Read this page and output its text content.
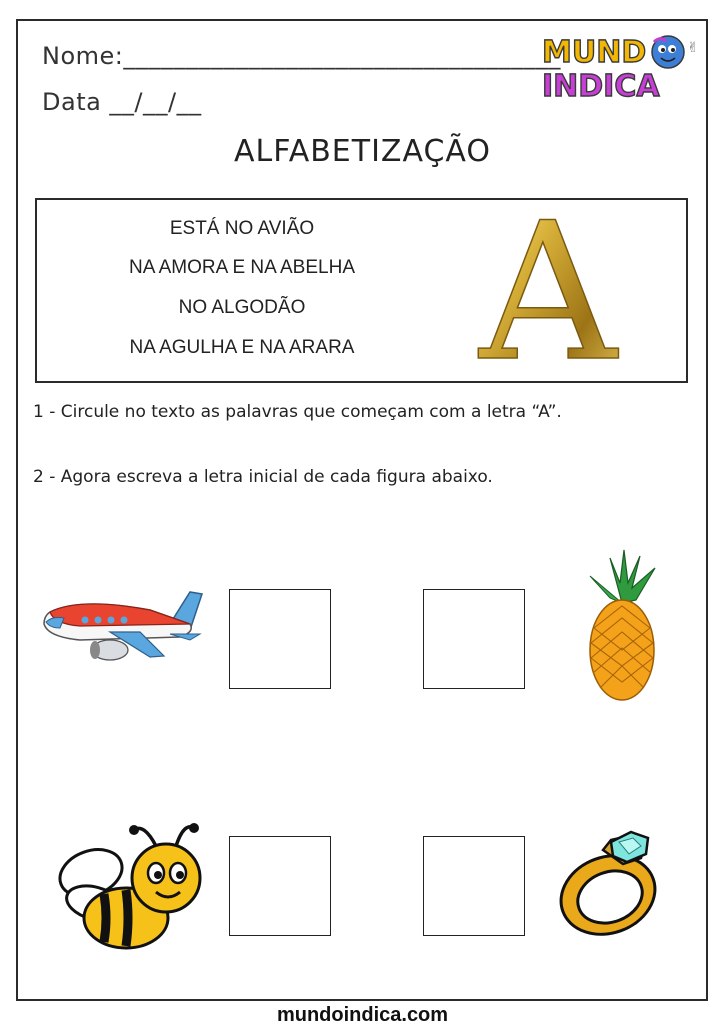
Nome:___________________________________
Data __/__/__
MUND
INDICA
✌
ALFABETIZAÇÃO
ESTÁ NO AVIÃO
NA AMORA E NA ABELHA
NO ALGODÃO
NA AGULHA E NA ARARA A
1 - Circule no texto as palavras que começam com a letra “A”.
2 - Agora escreva a letra inicial de cada figura abaixo.
mundoindica.com
